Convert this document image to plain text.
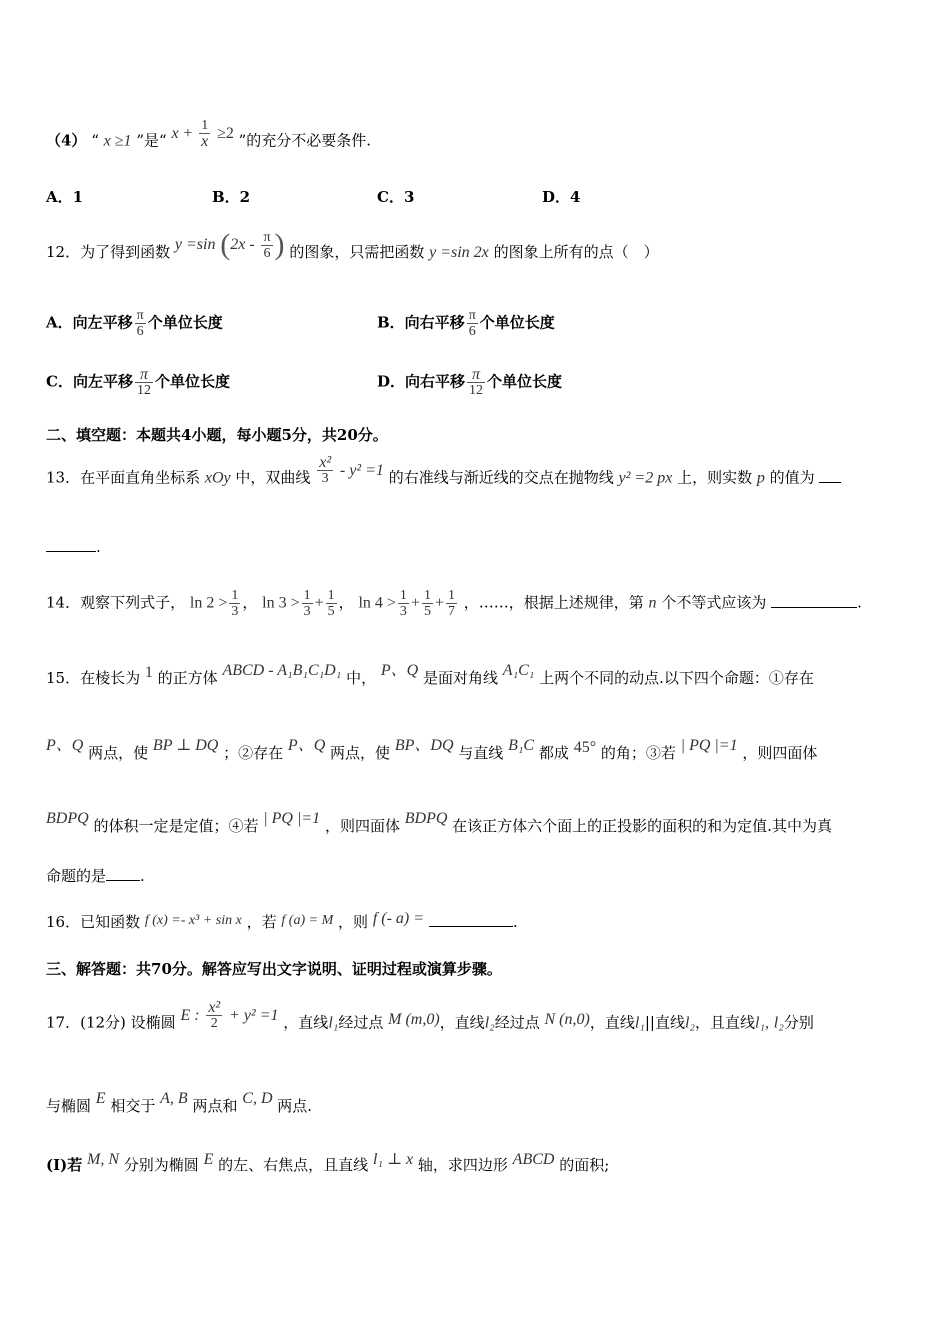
（4） “ x ≥1 ”是“ $x + \frac{1}{x} \ge 2$ ”的充分不必要条件.
A．1	B．2	C．3	D．4
12．为了得到函数 y =sin ($2x - \frac{\pi}{6}$ ) 的图象，只需把函数 y =sin 2x 的图象上所有的点（　）
A．向左平移 $\frac{\pi}{6}$ 个单位长度	B．向右平移 $\frac{\pi}{6}$ 个单位长度
C．向左平移 $\frac{\pi}{12}$ 个单位长度	D．向右平移 $\frac{\pi}{12}$ 个单位长度
二、填空题：本题共4小题，每小题5分，共20分。
13．在平面直角坐标系 xOy 中，双曲线 $\frac{\text{x²}}{3} - y^2 =1$ 的右准线与渐近线的交点在抛物线 y² =2 px 上，则实数 p 的值为
.
14．观察下列式子， $\ln 2 > \frac{1}{3}$ ， $\ln 3 > \frac{1}{3} + \frac{1}{5}$ ， $\ln 4 > \frac{1}{3} + \frac{1}{5} + \frac{1}{7}$ ，……，根据上述规律，第 n 个不等式应该为	.
15．在棱长为 1 的正方体 ABCD - A₁B₁C₁D₁ 中， P、Q 是面对角线 A₁C₁ 上两个不同的动点.以下四个命题：①存在
P、Q 两点，使 BP ⊥ DQ ；②存在 P、Q 两点，使 BP、DQ 与直线 B₁C 都成 45° 的角；③若 | PQ |=1 ，则四面体
BDPQ 的体积一定是定值；④若 | PQ |=1 ，则四面体 BDPQ 在该正方体六个面上的正投影的面积的和为定值.其中为真
命题的是 .
16．已知函数 f (x) =- x³ + sin x ，若 f (a) = M ，则 f (- a) =	.
三、解答题：共70分。解答应写出文字说明、证明过程或演算步骤。
17．(12分) 设椭圆 E : $\frac{\text{x²}}{2} + y^2 =1$ ，直线l₁经过点 M (m,0)，直线l₂经过点 N (n,0)，直线l₁||直线l₂，且直线l₁, l₂分别
与椭圆 E 相交于 A, B 两点和 C, D 两点.
(I)若 M, N 分别为椭圆 E 的左、右焦点，且直线 l₁ ⊥ x 轴，求四边形 ABCD 的面积;
